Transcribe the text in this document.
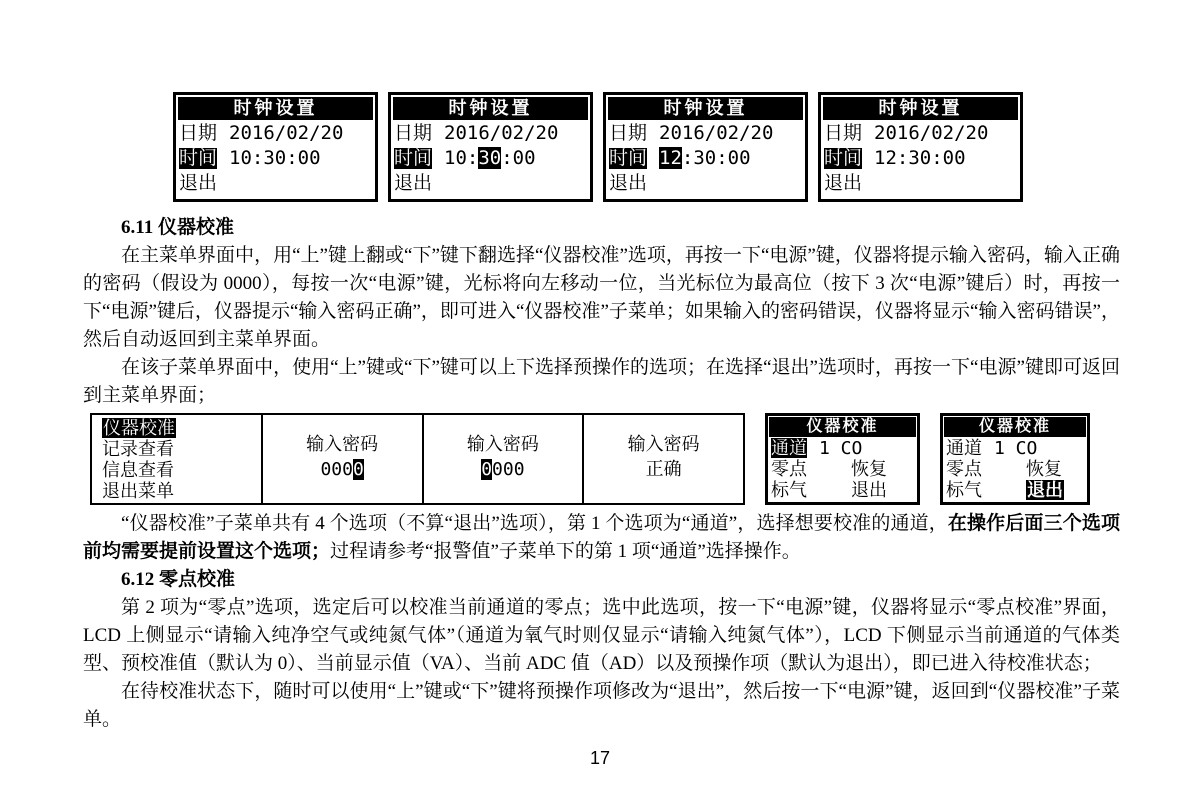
时钟设置
日期 2016/02/20
时间 10:30:00
退出
时钟设置
日期 2016/02/20
时间 10:30:00
退出
时钟设置
日期 2016/02/20
时间 12:30:00
退出
时钟设置
日期 2016/02/20
时间 12:30:00
退出
6.11 仪器校准

在主菜单界面中，用“上”键上翻或“下”键下翻选择“仪器校准”选项，再按一下“电源”键，仪器将提示输入密码，输入正确的密码（假设为 0000），每按一次“电源”键，光标将向左移动一位，当光标位为最高位（按下 3 次“电源”键后）时，再按一下“电源”键后，仪器提示“输入密码正确”，即可进入“仪器校准”子菜单；如果输入的密码错误，仪器将显示“输入密码错误”，然后自动返回到主菜单界面。

在该子菜单界面中，使用“上”键或“下”键可以上下选择预操作的选项；在选择“退出”选项时，再按一下“电源”键即可返回到主菜单界面；

仪器校准
记录查看
信息查看
退出菜单
输入密码
0000
输入密码
0000
输入密码
正确
仪器校准
通道 1 CO
零点 恢复
标气 退出
仪器校准
通道 1 CO
零点 恢复
标气	退出

“仪器校准”子菜单共有 4 个选项（不算“退出”选项），第 1 个选项为“通道”，选择想要校准的通道，在操作后面三个选项前均需要提前设置这个选项；过程请参考“报警值”子菜单下的第 1 项“通道”选择操作。

6.12 零点校准

第 2 项为“零点”选项，选定后可以校准当前通道的零点；选中此选项，按一下“电源”键，仪器将显示“零点校准”界面，LCD 上侧显示“请输入纯净空气或纯氮气体”（通道为氧气时则仅显示“请输入纯氮气体”），LCD 下侧显示当前通道的气体类型、预校准值（默认为 0）、当前显示值（VA）、当前 ADC 值（AD）以及预操作项（默认为退出），即已进入待校准状态；

在待校准状态下，随时可以使用“上”键或“下”键将预操作项修改为“退出”，然后按一下“电源”键，返回到“仪器校准”子菜单。

17
